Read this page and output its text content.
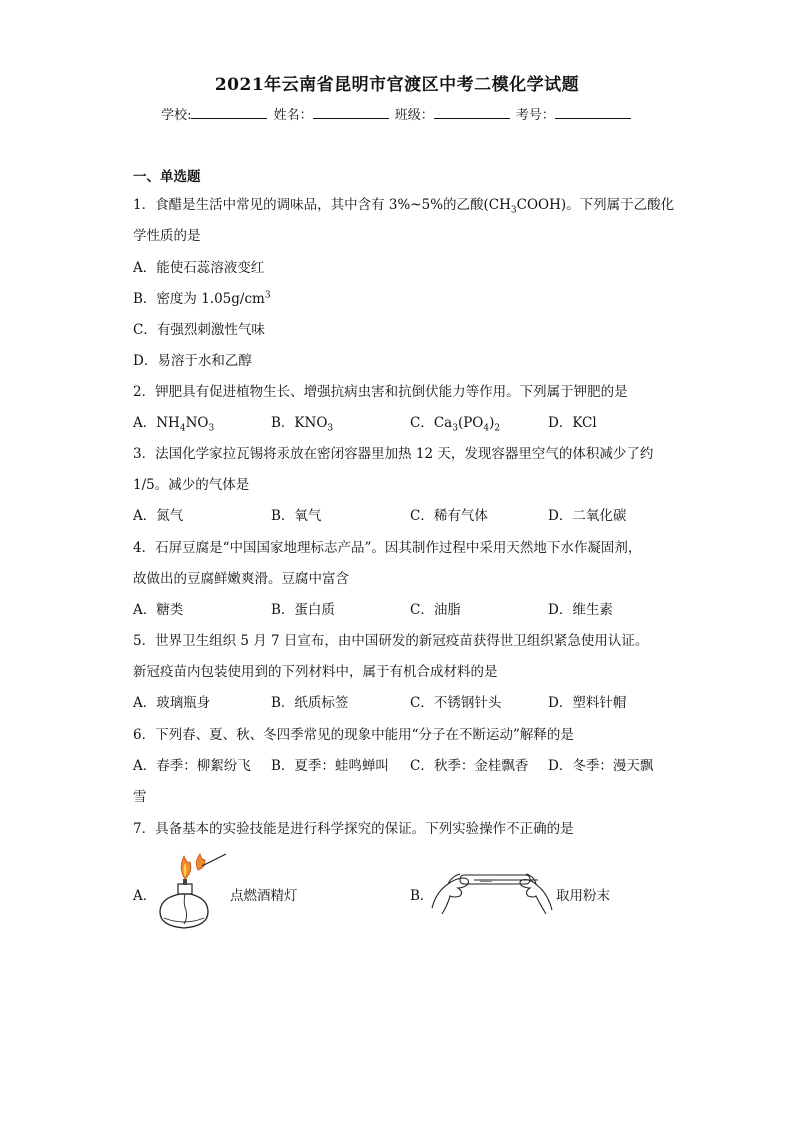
2021年云南省昆明市官渡区中考二模化学试题
学校:	姓名：	班级：	考号：
一、单选题
1．食醋是生活中常见的调味品，其中含有 3%~5%的乙酸$(CH_3COOH)$。下列属于乙酸化
学性质的是
A．能使石蕊溶液变红
B．密度为 $1.05g/cm^3$
C．有强烈刺激性气味
D．易溶于水和乙醇
2．钾肥具有促进植物生长、增强抗病虫害和抗倒伏能力等作用。下列属于钾肥的是
A．$NH_4NO_3$	B．$KNO_3$	C．$Ca_3(PO_4)_2$	D．KCl
3．法国化学家拉瓦锡将汞放在密闭容器里加热 12 天，发现容器里空气的体积减少了约
1/5。减少的气体是
A．氮气	B．氧气	C．稀有气体	D．二氧化碳
4．石屏豆腐是“中国国家地理标志产品”。因其制作过程中采用天然地下水作凝固剂，
故做出的豆腐鲜嫩爽滑。豆腐中富含
A．糖类	B．蛋白质	C．油脂	D．维生素
5．世界卫生组织 5 月 7 日宣布，由中国研发的新冠疫苗获得世卫组织紧急使用认证。
新冠疫苗内包装使用到的下列材料中，属于有机合成材料的是
A．玻璃瓶身	B．纸质标签	C．不锈钢针头	D．塑料针帽
6．下列春、夏、秋、冬四季常见的现象中能用“分子在不断运动”解释的是
A．春季：柳絮纷飞 B．夏季：蛙鸣蝉叫 C．秋季：金桂飘香 D．冬季：漫天飘
雪
7．具备基本的实验技能是进行科学探究的保证。下列实验操作不正确的是
A．	点燃酒精灯	B．	取用粉末
